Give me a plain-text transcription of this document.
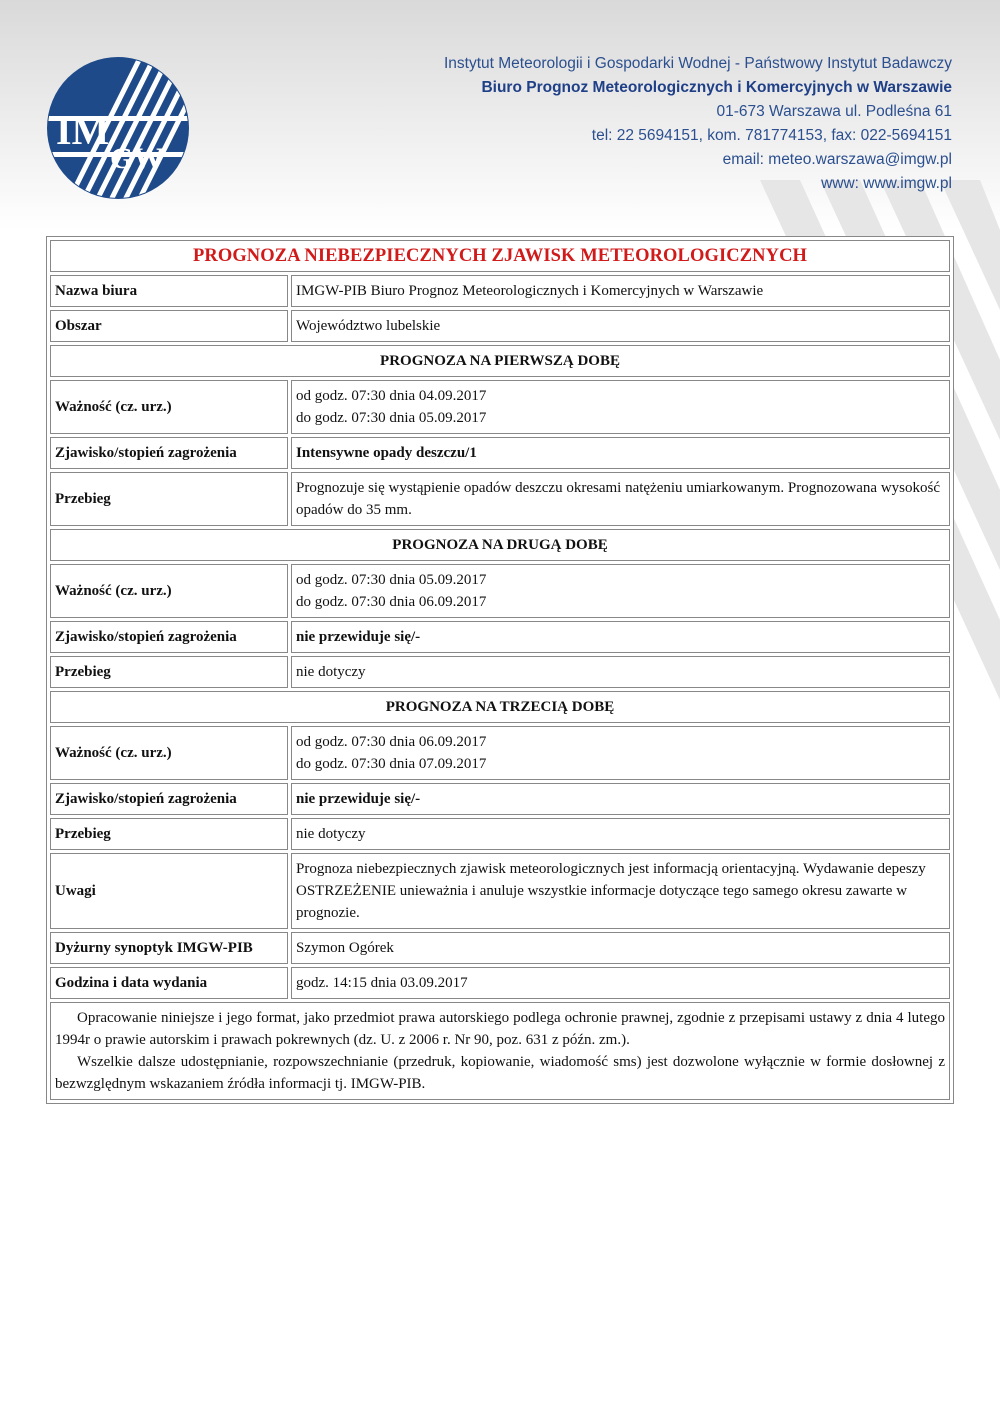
IM
GW
Instytut Meteorologii i Gospodarki Wodnej - Państwowy Instytut Badawczy
Biuro Prognoz Meteorologicznych i Komercyjnych w Warszawie
01-673 Warszawa ul. Podleśna 61
tel: 22 5694151, kom. 781774153, fax: 022-5694151
email: meteo.warszawa@imgw.pl
www: www.imgw.pl
PROGNOZA NIEBEZPIECZNYCH ZJAWISK METEOROLOGICZNYCH	
Nazwa biura	IMGW-PIB Biuro Prognoz Meteorologicznych i Komercyjnych w Warszawie
Obszar	Województwo lubelskie
PROGNOZA NA PIERWSZĄ DOBĘ	
Ważność (cz. urz.)	od godz. 07:30 dnia 04.09.2017
do godz. 07:30 dnia 05.09.2017

Zjawisko/stopień zagrożenia	Intensywne opady deszczu/1
Przebieg	Prognozuje się wystąpienie opadów deszczu okresami natężeniu umiarkowanym. Prognozowana wysokość opadów do 35 mm.
PROGNOZA NA DRUGĄ DOBĘ	
Ważność (cz. urz.)	od godz. 07:30 dnia 05.09.2017
do godz. 07:30 dnia 06.09.2017

Zjawisko/stopień zagrożenia	nie przewiduje się/-
Przebieg	nie dotyczy
PROGNOZA NA TRZECIĄ DOBĘ	
Ważność (cz. urz.)	od godz. 07:30 dnia 06.09.2017
do godz. 07:30 dnia 07.09.2017

Zjawisko/stopień zagrożenia	nie przewiduje się/-
Przebieg	nie dotyczy
Uwagi	Prognoza niebezpiecznych zjawisk meteorologicznych jest informacją orientacyjną. Wydawanie depeszy OSTRZEŻENIE unieważnia i anuluje wszystkie informacje dotyczące tego samego okresu zawarte w prognozie.
Dyżurny synoptyk IMGW-PIB	Szymon Ogórek
Godzina i data wydania	godz. 14:15 dnia 03.09.2017

Opracowanie niniejsze i jego format, jako przedmiot prawa autorskiego podlega ochronie prawnej, zgodnie z przepisami ustawy z dnia 4 lutego 1994r o prawie autorskim i prawach pokrewnych (dz. U. z 2006 r. Nr 90, poz. 631 z późn. zm.).

Wszelkie dalsze udostępnianie, rozpowszechnianie (przedruk, kopiowanie, wiadomość sms) jest dozwolone wyłącznie w formie dosłownej z bezwzględnym wskazaniem źródła informacji tj. IMGW-PIB.	
